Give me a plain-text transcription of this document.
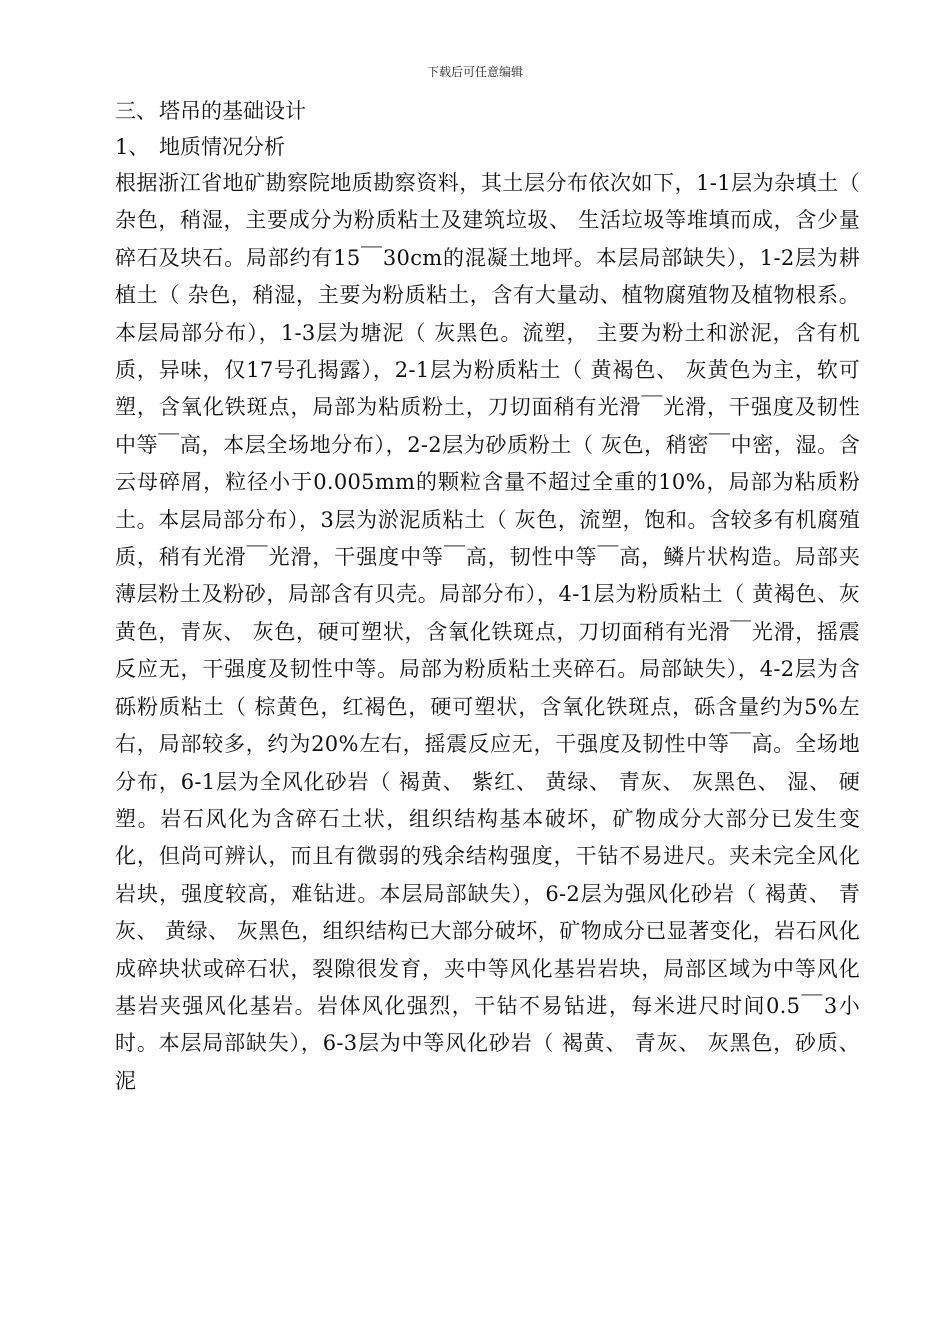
下载后可任意编辑
三、塔吊的基础设计
1、 地质情况分析
根据浙江省地矿勘察院地质勘察资料，其土层分布依次如下，1-1层为杂填土（ 杂色，稍湿，主要成分为粉质粘土及建筑垃圾、 生活垃圾等堆填而成，含少量碎石及块石。局部约有15￣30cm的混凝土地坪。本层局部缺失），1-2层为耕植土（ 杂色，稍湿，主要为粉质粘土，含有大量动、植物腐殖物及植物根系。本层局部分布），1-3层为塘泥（ 灰黑色。流塑， 主要为粉土和淤泥，含有机质，异味，仅17号孔揭露），2-1层为粉质粘土（ 黄褐色、 灰黄色为主，软可塑，含氧化铁斑点，局部为粘质粉土，刀切面稍有光滑￣光滑，干强度及韧性中等￣高，本层全场地分布），2-2层为砂质粉土（ 灰色，稍密￣中密，湿。含云母碎屑，粒径小于0.005mm的颗粒含量不超过全重的10%，局部为粘质粉土。本层局部分布），3层为淤泥质粘土（ 灰色，流塑，饱和。含较多有机腐殖质，稍有光滑￣光滑，干强度中等￣高，韧性中等￣高，鳞片状构造。局部夹薄层粉土及粉砂，局部含有贝壳。局部分布），4-1层为粉质粘土（ 黄褐色、灰黄色，青灰、 灰色，硬可塑状，含氧化铁斑点，刀切面稍有光滑￣光滑，摇震反应无，干强度及韧性中等。局部为粉质粘土夹碎石。局部缺失），4-2层为含砾粉质粘土（ 棕黄色，红褐色，硬可塑状，含氧化铁斑点，砾含量约为5%左右，局部较多，约为20%左右，摇震反应无，干强度及韧性中等￣高。全场地分布，6-1层为全风化砂岩（ 褐黄、 紫红、 黄绿、 青灰、 灰黑色、 湿、 硬塑。岩石风化为含碎石土状，组织结构基本破坏，矿物成分大部分已发生变化，但尚可辨认，而且有微弱的残余结构强度，干钻不易进尺。夹未完全风化岩块，强度较高，难钻进。本层局部缺失），6-2层为强风化砂岩（ 褐黄、 青灰、 黄绿、 灰黑色，组织结构已大部分破坏，矿物成分已显著变化，岩石风化成碎块状或碎石状，裂隙很发育，夹中等风化基岩岩块，局部区域为中等风化基岩夹强风化基岩。岩体风化强烈，干钻不易钻进，每米进尺时间0.5￣3小时。本层局部缺失），6-3层为中等风化砂岩（ 褐黄、 青灰、 灰黑色，砂质、 泥
